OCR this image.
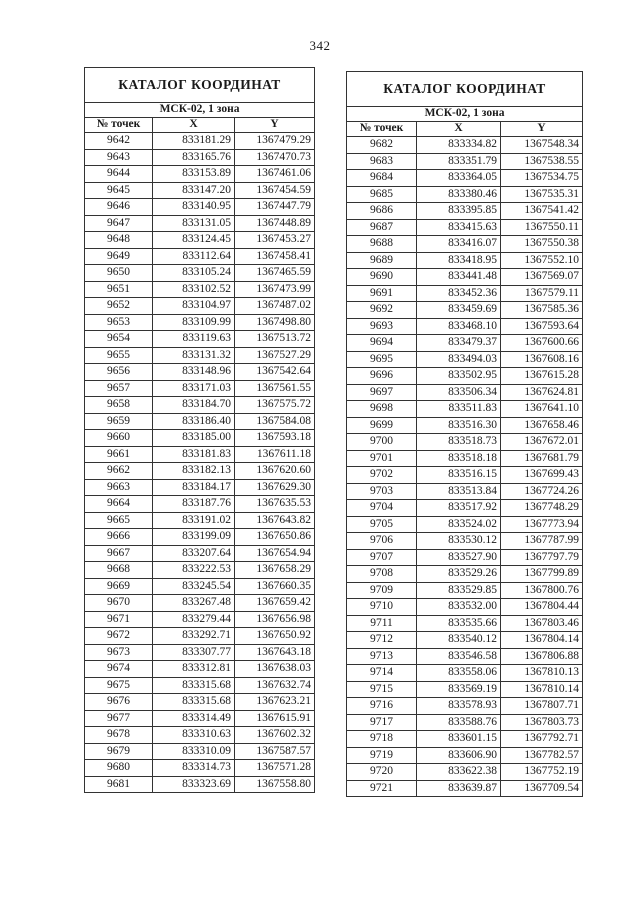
342
КАТАЛОГ КООРДИНАТ		
МСК-02, 1 зона		
№ точек	X	Y
9642	833181.29	1367479.29
9643	833165.76	1367470.73
9644	833153.89	1367461.06
9645	833147.20	1367454.59
9646	833140.95	1367447.79
9647	833131.05	1367448.89
9648	833124.45	1367453.27
9649	833112.64	1367458.41
9650	833105.24	1367465.59
9651	833102.52	1367473.99
9652	833104.97	1367487.02
9653	833109.99	1367498.80
9654	833119.63	1367513.72
9655	833131.32	1367527.29
9656	833148.96	1367542.64
9657	833171.03	1367561.55
9658	833184.70	1367575.72
9659	833186.40	1367584.08
9660	833185.00	1367593.18
9661	833181.83	1367611.18
9662	833182.13	1367620.60
9663	833184.17	1367629.30
9664	833187.76	1367635.53
9665	833191.02	1367643.82
9666	833199.09	1367650.86
9667	833207.64	1367654.94
9668	833222.53	1367658.29
9669	833245.54	1367660.35
9670	833267.48	1367659.42
9671	833279.44	1367656.98
9672	833292.71	1367650.92
9673	833307.77	1367643.18
9674	833312.81	1367638.03
9675	833315.68	1367632.74
9676	833315.68	1367623.21
9677	833314.49	1367615.91
9678	833310.63	1367602.32
9679	833310.09	1367587.57
9680	833314.73	1367571.28
9681	833323.69	1367558.80
КАТАЛОГ КООРДИНАТ		
МСК-02, 1 зона		
№ точек	X	Y
9682	833334.82	1367548.34
9683	833351.79	1367538.55
9684	833364.05	1367534.75
9685	833380.46	1367535.31
9686	833395.85	1367541.42
9687	833415.63	1367550.11
9688	833416.07	1367550.38
9689	833418.95	1367552.10
9690	833441.48	1367569.07
9691	833452.36	1367579.11
9692	833459.69	1367585.36
9693	833468.10	1367593.64
9694	833479.37	1367600.66
9695	833494.03	1367608.16
9696	833502.95	1367615.28
9697	833506.34	1367624.81
9698	833511.83	1367641.10
9699	833516.30	1367658.46
9700	833518.73	1367672.01
9701	833518.18	1367681.79
9702	833516.15	1367699.43
9703	833513.84	1367724.26
9704	833517.92	1367748.29
9705	833524.02	1367773.94
9706	833530.12	1367787.99
9707	833527.90	1367797.79
9708	833529.26	1367799.89
9709	833529.85	1367800.76
9710	833532.00	1367804.44
9711	833535.66	1367803.46
9712	833540.12	1367804.14
9713	833546.58	1367806.88
9714	833558.06	1367810.13
9715	833569.19	1367810.14
9716	833578.93	1367807.71
9717	833588.76	1367803.73
9718	833601.15	1367792.71
9719	833606.90	1367782.57
9720	833622.38	1367752.19
9721	833639.87	1367709.54
